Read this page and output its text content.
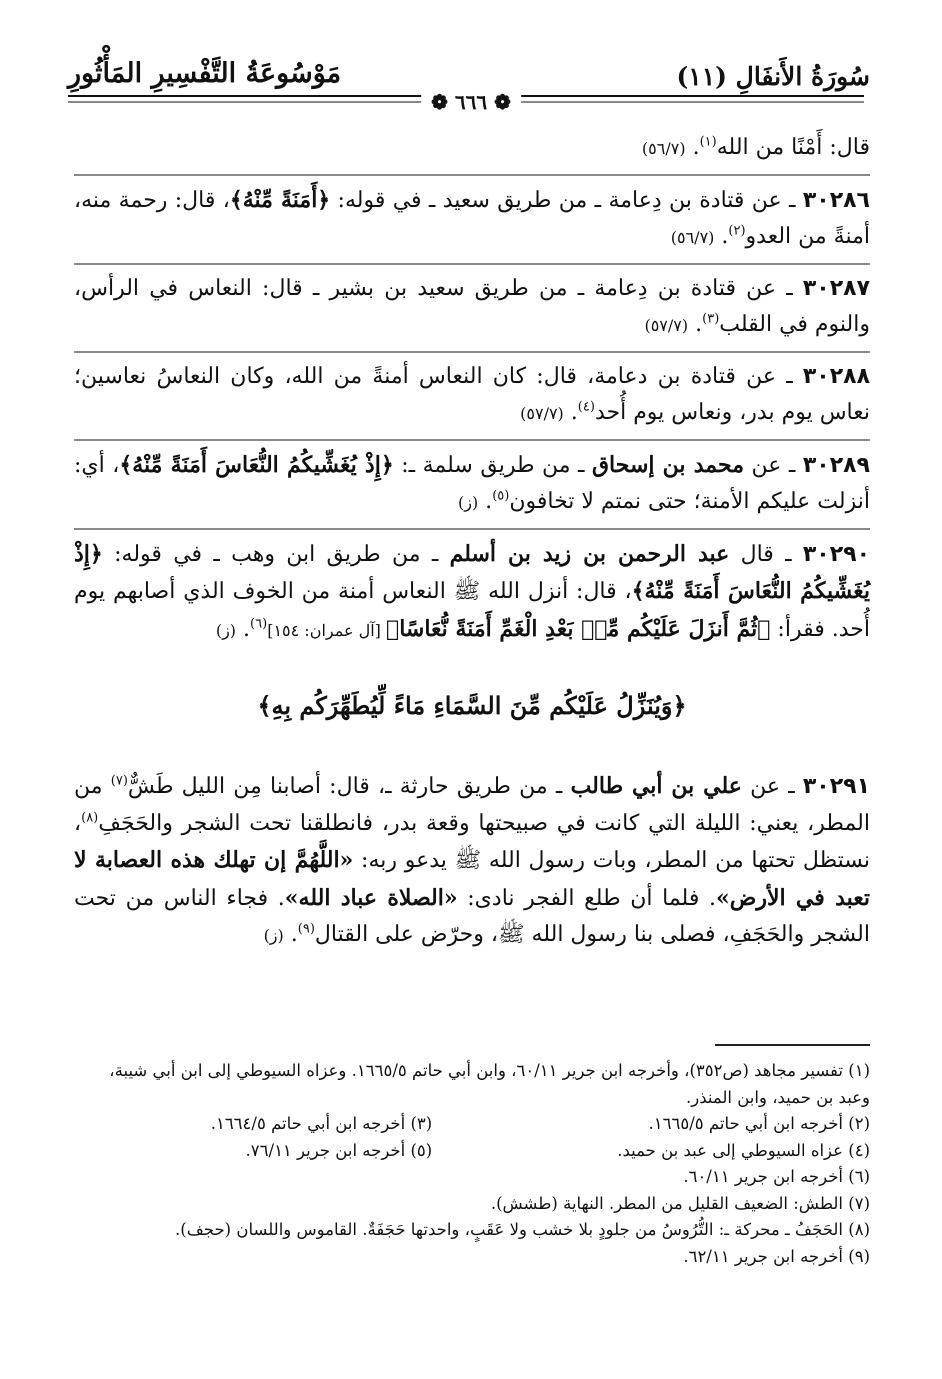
سُورَةُ الأَنفَالِ (١١)
مَوْسُوعَةُ التَّفْسِيرِ المَأْثُورِ
❁ ٦٦٦ ❁

قال: أَمْنًا من الله$^{(١)}$. (٥٦/٧)

٣٠٢٨٦ ـ عن قتادة بن دِعامة ـ من طريق سعيد ـ في قوله: ﴿أَمَنَةً مِّنْهُ﴾، قال: رحمة منه، أمنةً من العدو$^{(٢)}$. (٥٦/٧)

٣٠٢٨٧ ـ عن قتادة بن دِعامة ـ من طريق سعيد بن بشير ـ قال: النعاس في الرأس، والنوم في القلب$^{(٣)}$. (٥٧/٧)

٣٠٢٨٨ ـ عن قتادة بن دعامة، قال: كان النعاس أمنةً من الله، وكان النعاسُ نعاسين؛ نعاس يوم بدر، ونعاس يوم أُحد$^{(٤)}$. (٥٧/٧)

٣٠٢٨٩ ـ عن محمد بن إسحاق ـ من طريق سلمة ـ: ﴿إِذْ يُغَشِّيكُمُ النُّعَاسَ أَمَنَةً مِّنْهُ﴾، أي: أنزلت عليكم الأمنة؛ حتى نمتم لا تخافون$^{(٥)}$. (ز)

٣٠٢٩٠ ـ قال عبد الرحمن بن زيد بن أسلم ـ من طريق ابن وهب ـ في قوله: ﴿إِذْ يُغَشِّيكُمُ النُّعَاسَ أَمَنَةً مِّنْهُ﴾، قال: أنزل الله ﷺ النعاس أمنة من الخوف الذي أصابهم يوم أُحد. فقرأ: ﴿ثُمَّ أَنزَلَ عَلَيْكُم مِّنۢ بَعْدِ الْغَمِّ أَمَنَةً نُّعَاسًا﴾ [آل عمران: ١٥٤]$^{(٦)}$. (ز)

﴿وَيُنَزِّلُ عَلَيْكُم مِّنَ السَّمَاءِ مَاءً لِّيُطَهِّرَكُم بِهِ﴾

٣٠٢٩١ ـ عن علي بن أبي طالب ـ من طريق حارثة ـ، قال: أصابنا مِن الليل طَشٌّ$^{(٧)}$ من المطر، يعني: الليلة التي كانت في صبيحتها وقعة بدر، فانطلقنا تحت الشجر والحَجَفِ$^{(٨)}$، نستظل تحتها من المطر، وبات رسول الله ﷺ يدعو ربه: «اللَّهُمَّ إن تهلك هذه العصابة لا تعبد في الأرض». فلما أن طلع الفجر نادى: «الصلاة عباد الله». فجاء الناس من تحت الشجر والحَجَفِ، فصلى بنا رسول الله ﷺ، وحرّض على القتال$^{(٩)}$. (ز)

(١) تفسير مجاهد (ص٣٥٢)، وأخرجه ابن جرير ٦٠/١١، وابن أبي حاتم ١٦٦٥/٥. وعزاه السيوطي إلى ابن أبي شيبة، وعبد بن حميد، وابن المنذر.

(٢) أخرجه ابن أبي حاتم ١٦٦٥/٥.
(٣) أخرجه ابن أبي حاتم ١٦٦٤/٥.
(٤) عزاه السيوطي إلى عبد بن حميد.
(٥) أخرجه ابن جرير ٧٦/١١.

(٦) أخرجه ابن جرير ٦٠/١١.

(٧) الطش: الضعيف القليل من المطر. النهاية (طشش).

(٨) الحَجَفُ ـ محركة ـ: التُّرُوسُ من جلودٍ بلا خشب ولا عَقَبٍ، واحدتها حَجَفَةٌ. القاموس واللسان (حجف).

(٩) أخرجه ابن جرير ٦٢/١١.
